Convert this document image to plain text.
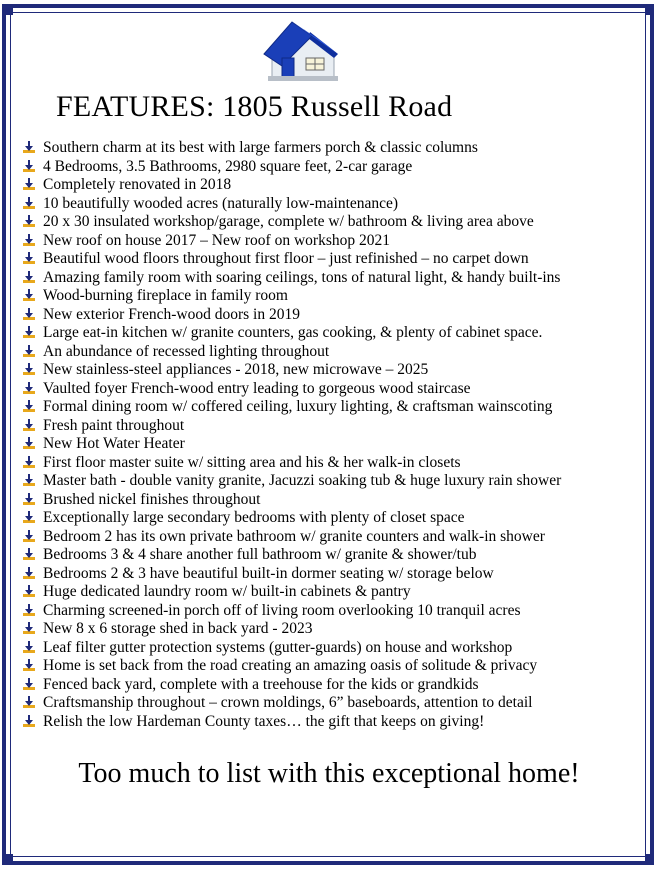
FEATURES: 1805 Russell Road
Southern charm at its best with large farmers porch & classic columns
4 Bedrooms, 3.5 Bathrooms, 2980 square feet, 2-car garage
Completely renovated in 2018
10 beautifully wooded acres (naturally low-maintenance)
20 x 30 insulated workshop/garage, complete w/ bathroom & living area above
New roof on house 2017 – New roof on workshop 2021
Beautiful wood floors throughout first floor – just refinished – no carpet down
Amazing family room with soaring ceilings, tons of natural light, & handy built-ins
Wood-burning fireplace in family room
New exterior French-wood doors in 2019
Large eat-in kitchen w/ granite counters, gas cooking, & plenty of cabinet space.
An abundance of recessed lighting throughout
New stainless-steel appliances - 2018, new microwave – 2025
Vaulted foyer French-wood entry leading to gorgeous wood staircase
Formal dining room w/ coffered ceiling, luxury lighting, & craftsman wainscoting
Fresh paint throughout
New Hot Water Heater
First floor master suite w/ sitting area and his & her walk-in closets
Master bath - double vanity granite, Jacuzzi soaking tub & huge luxury rain shower
Brushed nickel finishes throughout
Exceptionally large secondary bedrooms with plenty of closet space
Bedroom 2 has its own private bathroom w/ granite counters and walk-in shower
Bedrooms 3 & 4 share another full bathroom w/ granite & shower/tub
Bedrooms 2 & 3 have beautiful built-in dormer seating w/ storage below
Huge dedicated laundry room w/ built-in cabinets & pantry
Charming screened-in porch off of living room overlooking 10 tranquil acres
New 8 x 6 storage shed in back yard - 2023
Leaf filter gutter protection systems (gutter-guards) on house and workshop
Home is set back from the road creating an amazing oasis of solitude & privacy
Fenced back yard, complete with a treehouse for the kids or grandkids
Craftsmanship throughout – crown moldings, 6” baseboards, attention to detail
Relish the low Hardeman County taxes… the gift that keeps on giving!
Too much to list with this exceptional home!
